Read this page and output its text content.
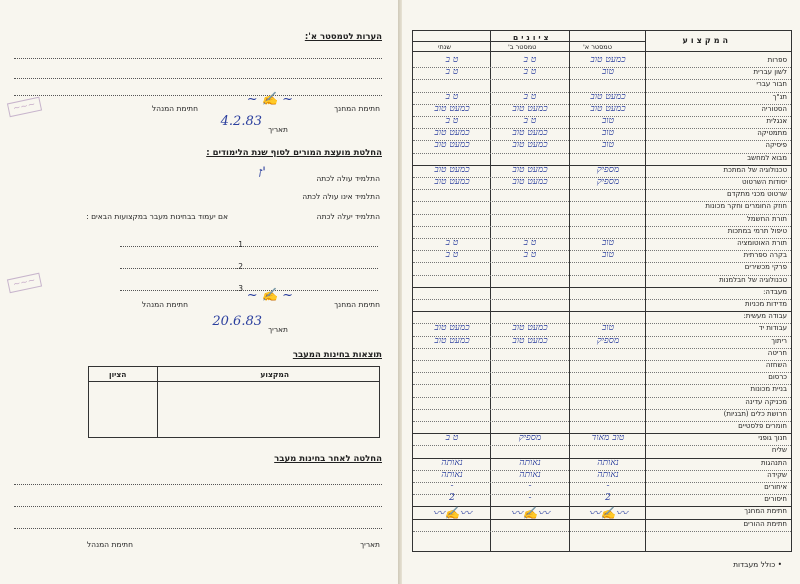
הערות לטמסטר א':
חתימת המחנך
חתימת המנהל
~ ✍ ~
תאריך
4.2.83
החלטת מועצת המורים לסוף שנת הלימודים :
התלמיד עולה לכתה
ז'
התלמיד אינו עולה לכתה
התלמיד יעלה לכתה
אם יעמוד בבחינות מעבר במקצועות הבאים :
1.
2.
3.
חתימת המחנך
חתימת המנהל
~ ✍ ~
תאריך
20.6.83
תוצאות בחינות המעבר
המקצוע
הציון
החלטה לאחר בחינות מעבר
תאריך
חתימת המנהל
~~~
~~~
המקצוע
ציונים
טמסטר א'
טמסטר ב'
שנתי
ספרות
לשון עברית
חבור עברי
תנ"ך
הסטוריה
אנגלית
מתמטיקה
פיסיקה
מבוא למחשב
טכנולוגיה של המתכת
יסודות השרטוט
שרטוט מכני מתקדם
חוזק החומרים וחקר מכונות
תורת החשמל
טיפול תרמי במתכות
תורת האוטומציה
בקרה ספרתית
פרקי מכשירים
טכנולוגיה של חבלמנות
מעבדה:
מדידות מכניות
עבודה מעשית:
עבודות יד
ריתוך
חריטה
השחזה
כרסום
בניית מכונות
מכניקה עדינה
חרושת כלים (תבניות)
חומרים פלסטיים
חנוך גופני
שליח
התנהגות
שקידה
איחורים
חיסורים
חתימת המחנך
חתימת ההורים
כמעט טוב
ט ב
ט ב
טוב
ט ב
ט ב
כמעט טוב
ט ב
ט ב
כמעט טוב
כמעט טוב
כמעט טוב
טוב
ט ב
ט ב
טוב
כמעט טוב
כמעט טוב
טוב
כמעט טוב
כמעט טוב
מספיק
כמעט טוב
כמעט טוב
מספיק
כמעט טוב
כמעט טוב
טוב
ט ב
ט ב
טוב
ט ב
ט ב
טוב
כמעט טוב
כמעט טוב
מספיק
כמעט טוב
כמעט טוב
טוב מאוד
מספיק
ט ב
נאותה
נאותה
נאותה
נאותה
נאותה
נאותה
-
-
-
2
-
2
〰✍〰
〰✍〰
〰✍〰
• כולל מעבדות
